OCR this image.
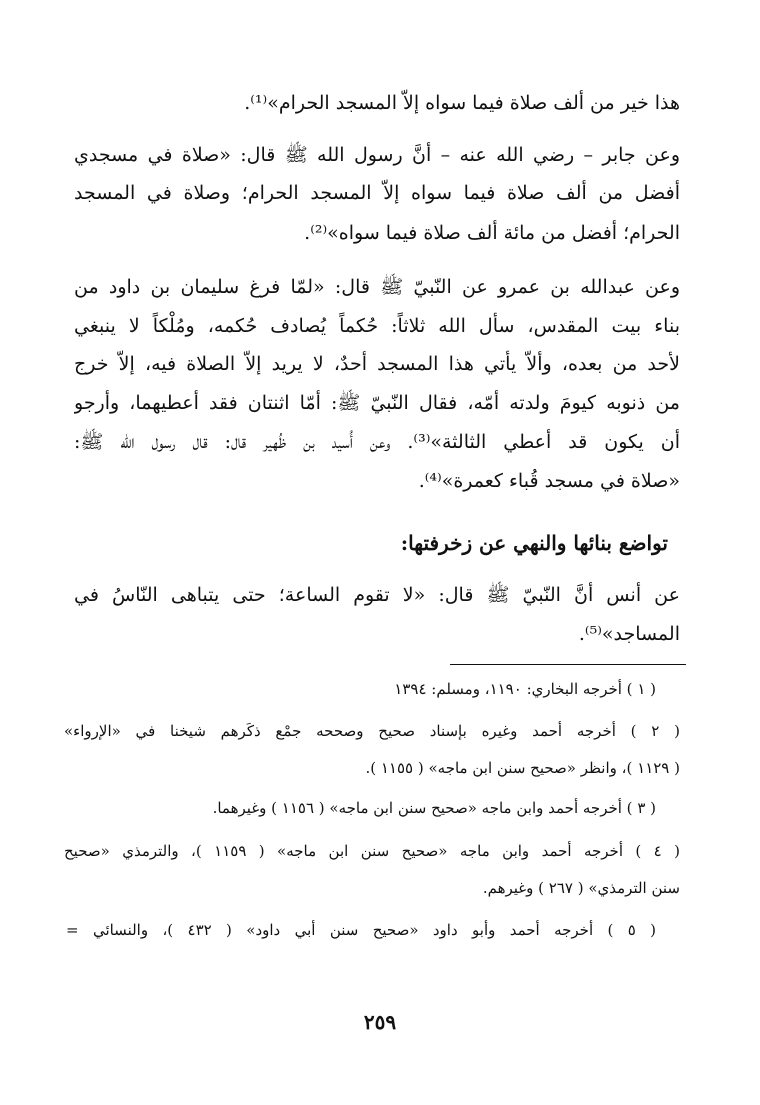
هذا خير من ألف صلاة فيما سواه إلاّ المسجد الحرام»⁽¹⁾.
وعن جابر – رضي الله عنه – أنَّ رسول الله ﷺ قال: «صلاة في مسجدي
أفضل من ألف صلاة فيما سواه إلاّ المسجد الحرام؛ وصلاة في المسجد
الحرام؛ أفضل من مائة ألف صلاة فيما سواه»⁽²⁾.
وعن عبدالله بن عمرو عن النّبيّ ﷺ قال: «لمّا فرغ سليمان بن داود من
بناء بيت المقدس، سأل الله ثلاثاً: حُكماً يُصادف حُكمه، ومُلْكاً لا ينبغي
لأحد من بعده، وألاّ يأتي هذا المسجد أحدٌ، لا يريد إلاّ الصلاة فيه، إلاّ خرج
من ذنوبه كيومَ ولدته أمّه، فقال النّبيّ ﷺ: أمّا اثنتان فقد أعطيهما، وأرجو
أن يكون قد أعطي الثالثة»⁽³⁾. وعن أُسيد بن ظُهير قال: قال رسول الله ﷺ:
«صلاة في مسجد قُباء كعمرة»⁽⁴⁾.
تواضع بنائها والنهي عن زخرفتها:
عن أنس أنَّ النّبيّ ﷺ قال: «لا تقوم الساعة؛ حتى يتباهى النّاسُ في
المساجد»⁽⁵⁾.
( ١ ) أخرجه البخاري: ١١٩٠، ومسلم: ١٣٩٤
( ٢ ) أخرجه أحمد وغيره بإسناد صحيح وصححه جمْع ذكَرهم شيخنا في «الإرواء»
( ١١٢٩ )، وانظر «صحيح سنن ابن ماجه» ( ١١٥٥ ).
( ٣ ) أخرجه أحمد وابن ماجه «صحيح سنن ابن ماجه» ( ١١٥٦ ) وغيرهما.
( ٤ ) أخرجه أحمد وابن ماجه «صحيح سنن ابن ماجه» ( ١١٥٩ )، والترمذي «صحيح
سنن الترمذي» ( ٢٦٧ ) وغيرهم.
( ٥ ) أخرجه أحمد وأبو داود «صحيح سنن أبي داود» ( ٤٣٢ )، والنسائي =
٢٥٩
